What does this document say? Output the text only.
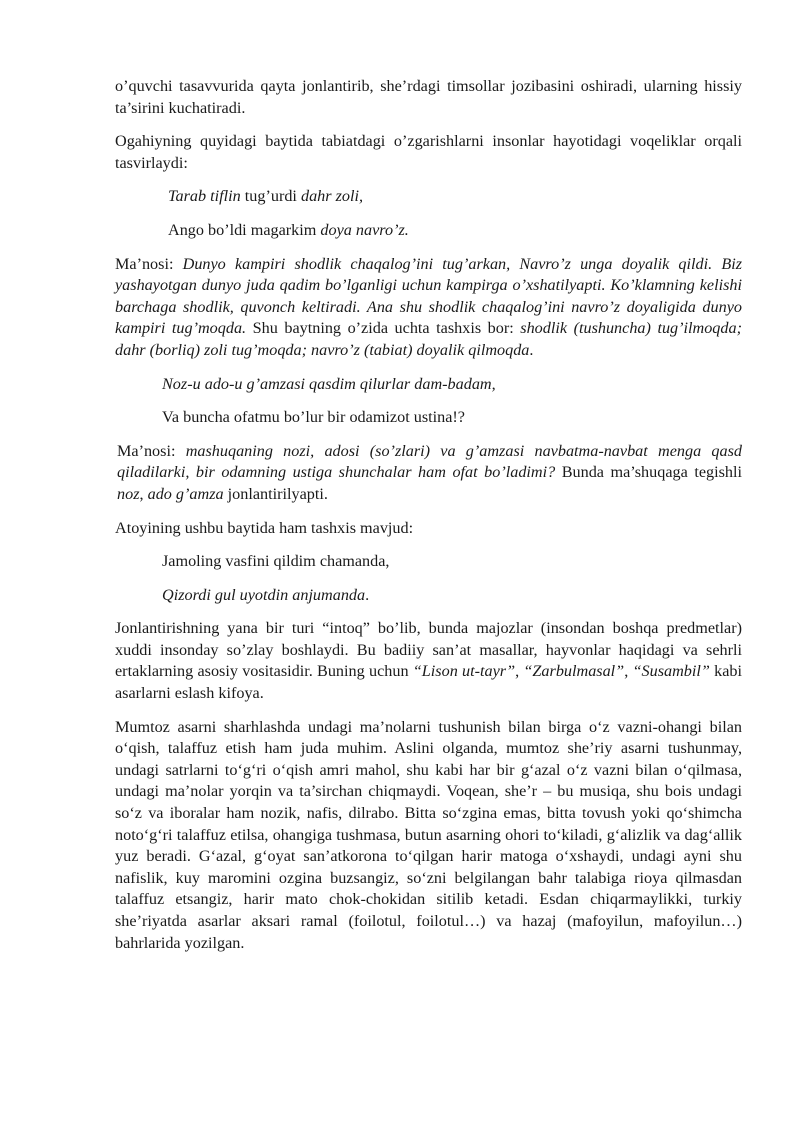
o’quvchi tasavvurida qayta jonlantirib, she’rdagi timsollar jozibasini oshiradi, ularning hissiy ta’sirini kuchatiradi.

Ogahiyning quyidagi baytida tabiatdagi o’zgarishlarni insonlar hayotidagi voqeliklar orqali tasvirlaydi:

Tarab tiflin tug’urdi dahr zoli,

Ango bo’ldi magarkim doya navro’z.

Ma’nosi: Dunyo kampiri shodlik chaqalog’ini tug’arkan, Navro’z unga doyalik qildi. Biz yashayotgan dunyo juda qadim bo’lganligi uchun kampirga o’xshatilyapti. Ko’klamning kelishi barchaga shodlik, quvonch keltiradi. Ana shu shodlik chaqalog’ini navro’z doyaligida dunyo kampiri tug’moqda. Shu baytning o’zida uchta tashxis bor: shodlik (tushuncha) tug’ilmoqda; dahr (borliq) zoli tug’moqda; navro’z (tabiat) doyalik qilmoqda.

Noz-u ado-u g’amzasi qasdim qilurlar dam-badam,

Va buncha ofatmu bo’lur bir odamizot ustina!?

Ma’nosi: mashuqaning nozi, adosi (so’zlari) va g’amzasi navbatma-navbat menga qasd qiladilarki, bir odamning ustiga shunchalar ham ofat bo’ladimi? Bunda ma’shuqaga tegishli noz, ado g’amza jonlantirilyapti.

Atoyining ushbu baytida ham tashxis mavjud:

Jamoling vasfini qildim chamanda,

Qizordi gul uyotdin anjumanda.

Jonlantirishning yana bir turi “intoq” bo’lib, bunda majozlar (insondan boshqa predmetlar) xuddi insonday so’zlay boshlaydi. Bu badiiy san’at masallar, hayvonlar haqidagi va sehrli ertaklarning asosiy vositasidir. Buning uchun “Lison ut-tayr”, “Zarbulmasal”, “Susambil” kabi asarlarni eslash kifoya.

Mumtoz asarni sharhlashda undagi ma’nolarni tushunish bilan birga o‘z vazni-ohangi bilan o‘qish, talaffuz etish ham juda muhim. Aslini olganda, mumtoz she’riy asarni tushunmay, undagi satrlarni to‘g‘ri o‘qish amri mahol, shu kabi har bir g‘azal o‘z vazni bilan o‘qilmasa, undagi ma’nolar yorqin va ta’sirchan chiqmaydi. Voqean, she’r – bu musiqa, shu bois undagi so‘z va iboralar ham nozik, nafis, dilrabo. Bitta so‘zgina emas, bitta tovush yoki qo‘shimcha noto‘g‘ri talaffuz etilsa, ohangiga tushmasa, butun asarning ohori to‘kiladi, g‘alizlik va dag‘allik yuz beradi. G‘azal, g‘oyat san’atkorona to‘qilgan harir matoga o‘xshaydi, undagi ayni shu nafislik, kuy maromini ozgina buzsangiz, so‘zni belgilangan bahr talabiga rioya qilmasdan talaffuz etsangiz, harir mato chok-chokidan sitilib ketadi. Esdan chiqarmaylikki, turkiy she’riyatda asarlar aksari ramal (foilotul, foilotul…) va hazaj (mafoyilun, mafoyilun…) bahrlarida yozilgan.
